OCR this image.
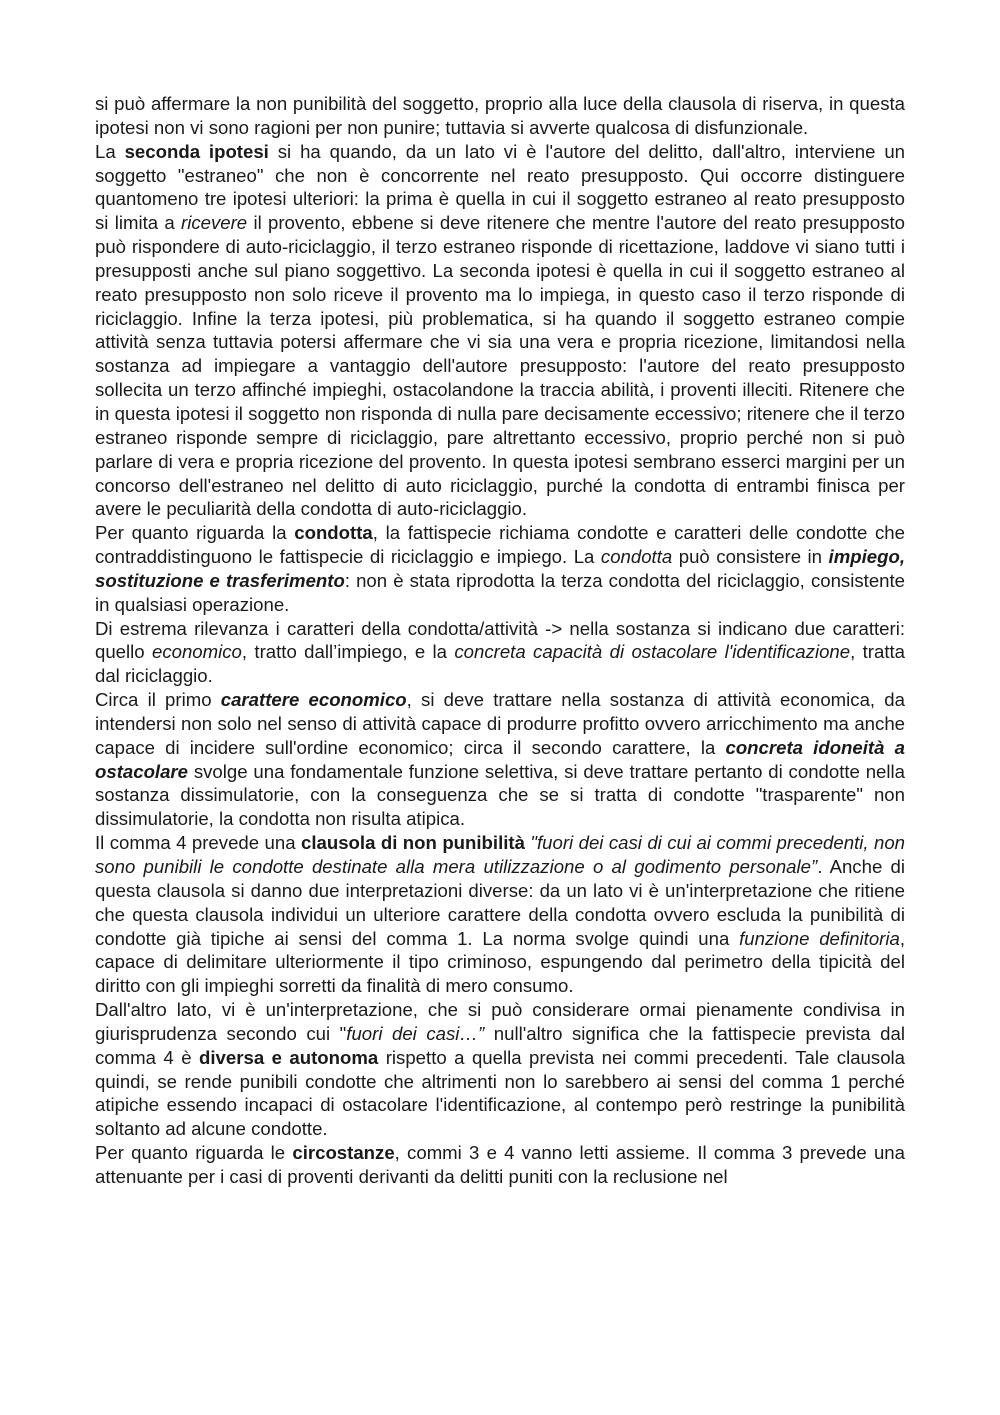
si può affermare la non punibilità del soggetto, proprio alla luce della clausola di riserva, in questa ipotesi non vi sono ragioni per non punire; tuttavia si avverte qualcosa di disfunzionale.

La seconda ipotesi si ha quando, da un lato vi è l'autore del delitto, dall'altro, interviene un soggetto "estraneo" che non è concorrente nel reato presupposto. Qui occorre distinguere quantomeno tre ipotesi ulteriori: la prima è quella in cui il soggetto estraneo al reato presupposto si limita a ricevere il provento, ebbene si deve ritenere che mentre l'autore del reato presupposto può rispondere di auto-riciclaggio, il terzo estraneo risponde di ricettazione, laddove vi siano tutti i presupposti anche sul piano soggettivo. La seconda ipotesi è quella in cui il soggetto estraneo al reato presupposto non solo riceve il provento ma lo impiega, in questo caso il terzo risponde di riciclaggio. Infine la terza ipotesi, più problematica, si ha quando il soggetto estraneo compie attività senza tuttavia potersi affermare che vi sia una vera e propria ricezione, limitandosi nella sostanza ad impiegare a vantaggio dell'autore presupposto: l'autore del reato presupposto sollecita un terzo affinché impieghi, ostacolandone la traccia abilità, i proventi illeciti. Ritenere che in questa ipotesi il soggetto non risponda di nulla pare decisamente eccessivo; ritenere che il terzo estraneo risponde sempre di riciclaggio, pare altrettanto eccessivo, proprio perché non si può parlare di vera e propria ricezione del provento. In questa ipotesi sembrano esserci margini per un concorso dell'estraneo nel delitto di auto riciclaggio, purché la condotta di entrambi finisca per avere le peculiarità della condotta di auto-riciclaggio.

Per quanto riguarda la condotta, la fattispecie richiama condotte e caratteri delle condotte che contraddistinguono le fattispecie di riciclaggio e impiego. La condotta può consistere in impiego, sostituzione e trasferimento: non è stata riprodotta la terza condotta del riciclaggio, consistente in qualsiasi operazione.

Di estrema rilevanza i caratteri della condotta/attività -> nella sostanza si indicano due caratteri: quello economico, tratto dall’impiego, e la concreta capacità di ostacolare l'identificazione, tratta dal riciclaggio.

Circa il primo carattere economico, si deve trattare nella sostanza di attività economica, da intendersi non solo nel senso di attività capace di produrre profitto ovvero arricchimento ma anche capace di incidere sull'ordine economico; circa il secondo carattere, la concreta idoneità a ostacolare svolge una fondamentale funzione selettiva, si deve trattare pertanto di condotte nella sostanza dissimulatorie, con la conseguenza che se si tratta di condotte "trasparente" non dissimulatorie, la condotta non risulta atipica.

Il comma 4 prevede una clausola di non punibilità "fuori dei casi di cui ai commi precedenti, non sono punibili le condotte destinate alla mera utilizzazione o al godimento personale”. Anche di questa clausola si danno due interpretazioni diverse: da un lato vi è un'interpretazione che ritiene che questa clausola individui un ulteriore carattere della condotta ovvero escluda la punibilità di condotte già tipiche ai sensi del comma 1. La norma svolge quindi una funzione definitoria, capace di delimitare ulteriormente il tipo criminoso, espungendo dal perimetro della tipicità del diritto con gli impieghi sorretti da finalità di mero consumo.

Dall'altro lato, vi è un'interpretazione, che si può considerare ormai pienamente condivisa in giurisprudenza secondo cui "fuori dei casi…” null'altro significa che la fattispecie prevista dal comma 4 è diversa e autonoma rispetto a quella prevista nei commi precedenti. Tale clausola quindi, se rende punibili condotte che altrimenti non lo sarebbero ai sensi del comma 1 perché atipiche essendo incapaci di ostacolare l'identificazione, al contempo però restringe la punibilità soltanto ad alcune condotte.

Per quanto riguarda le circostanze, commi 3 e 4 vanno letti assieme. Il comma 3 prevede una attenuante per i casi di proventi derivanti da delitti puniti con la reclusione nel
